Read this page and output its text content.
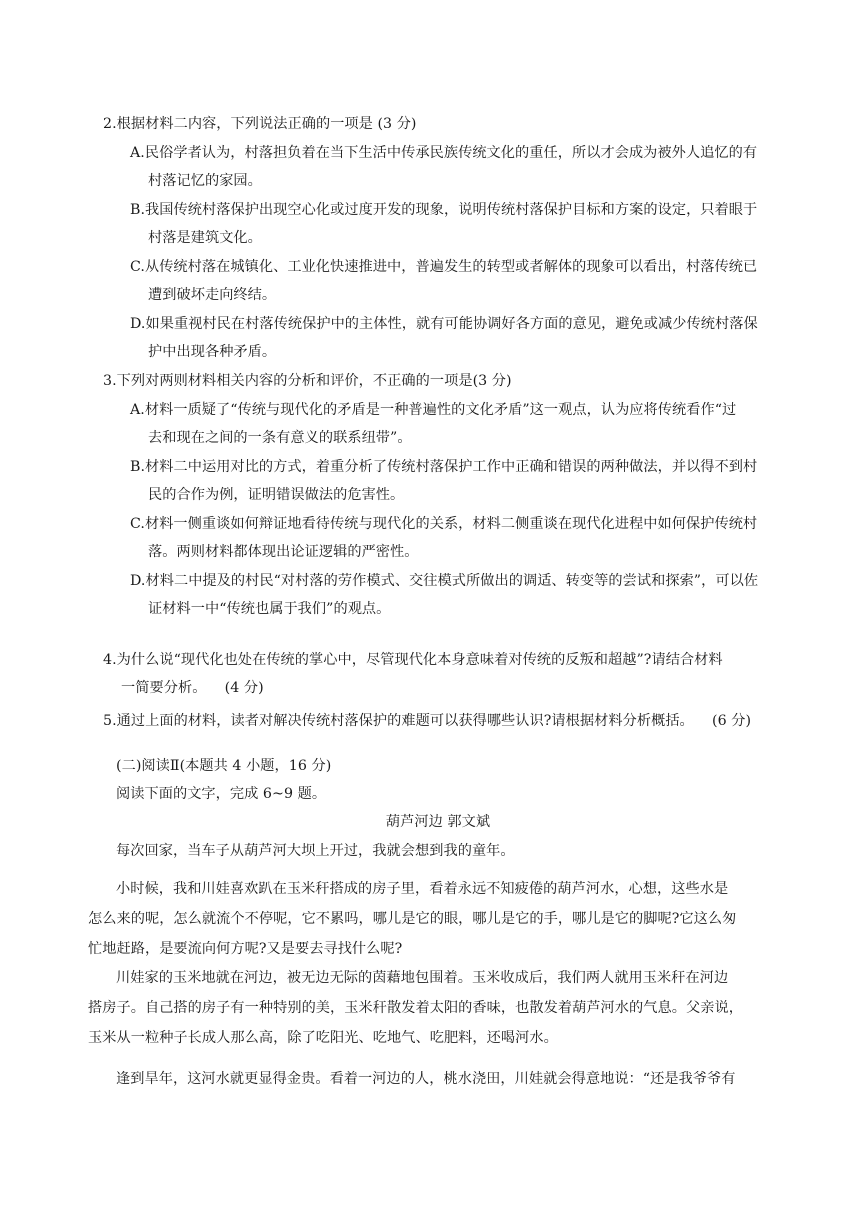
2.根据材料二内容，下列说法正确的一项是 (3 分)
A.民俗学者认为，村落担负着在当下生活中传承民族传统文化的重任，所以才会成为被外人追忆的有
村落记忆的家园。
B.我国传统村落保护出现空心化或过度开发的现象，说明传统村落保护目标和方案的设定，只着眼于
村落是建筑文化。
C.从传统村落在城镇化、工业化快速推进中，普遍发生的转型或者解体的现象可以看出，村落传统已
遭到破坏走向终结。
D.如果重视村民在村落传统保护中的主体性，就有可能协调好各方面的意见，避免或减少传统村落保
护中出现各种矛盾。
3.下列对两则材料相关内容的分析和评价，不正确的一项是(3 分)
A.材料一质疑了“传统与现代化的矛盾是一种普遍性的文化矛盾”这一观点，认为应将传统看作“过
去和现在之间的一条有意义的联系纽带”。
B.材料二中运用对比的方式，着重分析了传统村落保护工作中正确和错误的两种做法，并以得不到村
民的合作为例，证明错误做法的危害性。
C.材料一侧重谈如何辩证地看待传统与现代化的关系，材料二侧重谈在现代化进程中如何保护传统村
落。两则材料都体现出论证逻辑的严密性。
D.材料二中提及的村民“对村落的劳作模式、交往模式所做出的调适、转变等的尝试和探索”，可以佐
证材料一中“传统也属于我们”的观点。
4.为什么说“现代化也处在传统的掌心中，尽管现代化本身意味着对传统的反叛和超越”?请结合材料
一简要分析。    (4 分)
5.通过上面的材料，读者对解决传统村落保护的难题可以获得哪些认识?请根据材料分析概括。    (6 分)
(二)阅读Ⅱ(本题共 4 小题，16 分)
阅读下面的文字，完成 6~9 题。
葫芦河边 郭文斌
每次回家，当车子从葫芦河大坝上开过，我就会想到我的童年。
小时候，我和川娃喜欢趴在玉米秆搭成的房子里，看着永远不知疲倦的葫芦河水，心想，这些水是
怎么来的呢，怎么就流个不停呢，它不累吗，哪儿是它的眼，哪儿是它的手，哪儿是它的脚呢?它这么匆
忙地赶路，是要流向何方呢?又是要去寻找什么呢?
川娃家的玉米地就在河边，被无边无际的茵藉地包围着。玉米收成后，我们两人就用玉米秆在河边
搭房子。自己搭的房子有一种特别的美，玉米秆散发着太阳的香味，也散发着葫芦河水的气息。父亲说，
玉米从一粒种子长成人那么高，除了吃阳光、吃地气、吃肥料，还喝河水。
逢到旱年，这河水就更显得金贵。看着一河边的人，桃水浇田，川娃就会得意地说：“还是我爷爷有
